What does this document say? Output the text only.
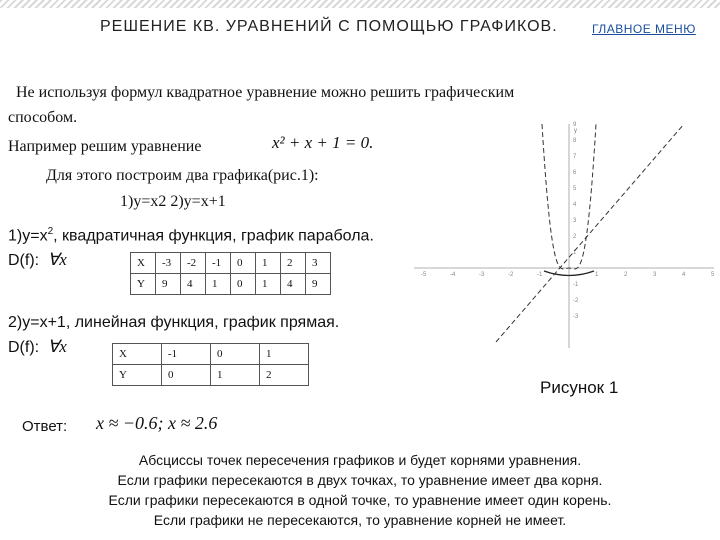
РЕШЕНИЕ КВ. УРАВНЕНИЙ С ПОМОЩЬЮ ГРАФИКОВ.	ГЛАВНОЕ МЕНЮ
Не используя формул квадратное уравнение можно решить графическим
способом.
Например решим уравнение	x² + x + 1 = 0.
Для этого построим два графика(рис.1):
1)у=х2 2)у=х+1
$1)y=x^2$, квадратичная функция, график парабола.
D(f): ∀x	X	-3	-2	-1	0	1	2	3
Y	9	4	1	0	1	4	9
2)y=x+1, линейная функция, график прямая.
D(f): ∀x	X	-1	0	1
Y	0	1	2
y
-5	-4	-3	-2	-1	1	2	3	4	5
9
8
7
6
5
4
3
2
1
-1
-2
-3
Рисунок 1
Ответ: x ≈ −0.6; x ≈ 2.6
Абсциссы точек пересечения графиков и будет корнями уравнения.
Если графики пересекаются в двух точках, то уравнение имеет два корня.
Если графики пересекаются в одной точке, то уравнение имеет один корень.
Если графики не пересекаются, то уравнение корней не имеет.
